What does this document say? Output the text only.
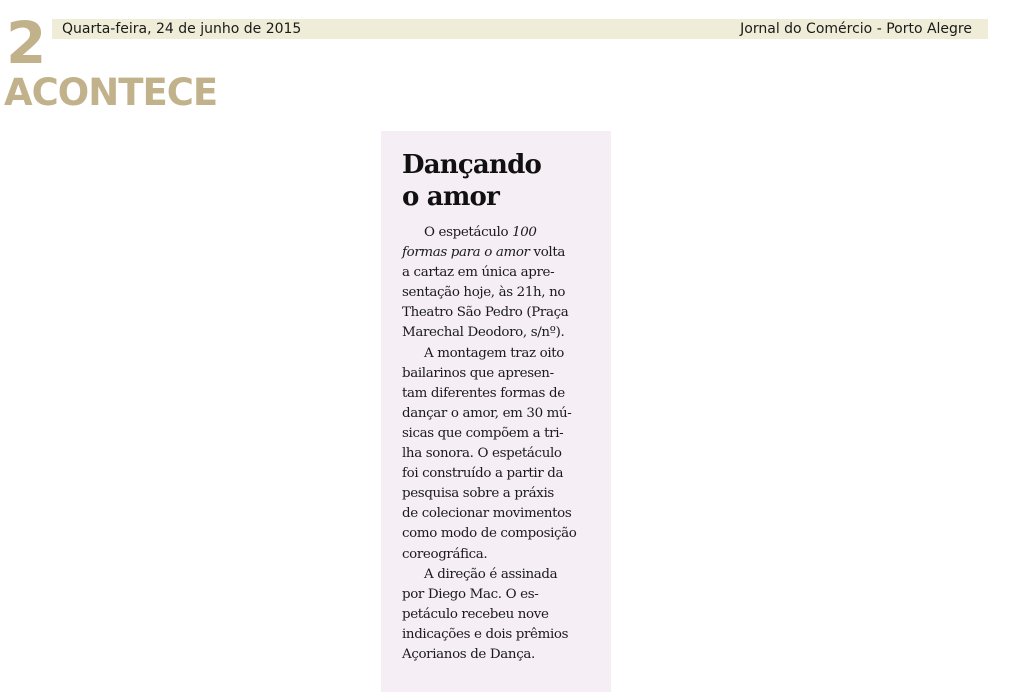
2 Quarta-feira, 24 de junho de 2015	Jornal do Comércio - Porto Alegre
ACONTECE
Dançando
o amor

O espetáculo 100
formas para o amor volta
a cartaz em única apre-
sentação hoje, às 21h, no
Theatro São Pedro (Praça
Marechal Deodoro, s/nº).

A montagem traz oito
bailarinos que apresen-
tam diferentes formas de
dançar o amor, em 30 mú-
sicas que compõem a tri-
lha sonora. O espetáculo
foi construído a partir da
pesquisa sobre a práxis
de colecionar movimentos
como modo de composição
coreográfica.

A direção é assinada
por Diego Mac. O es-
petáculo recebeu nove
indicações e dois prêmios
Açorianos de Dança.
